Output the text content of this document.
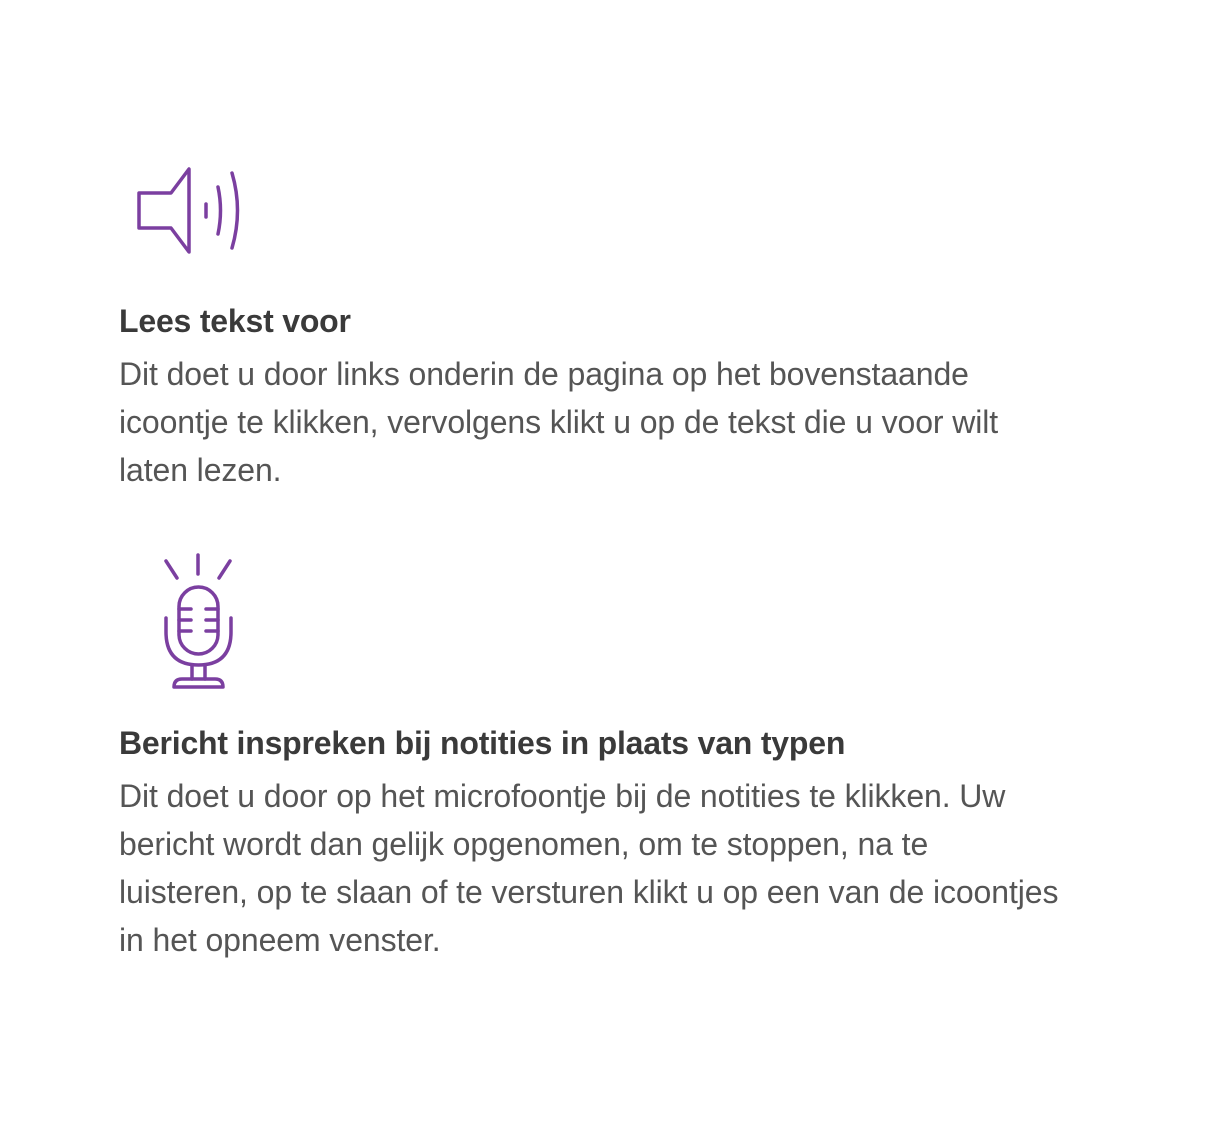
Lees tekst voor

Dit doet u door links onderin de pagina op het bovenstaande icoontje te klikken, vervolgens klikt u op de tekst die u voor wilt laten lezen.

Bericht inspreken bij notities in plaats van typen

Dit doet u door op het microfoontje bij de notities te klikken. Uw bericht wordt dan gelijk opgenomen, om te stoppen, na te luisteren, op te slaan of te versturen klikt u op een van de icoontjes in het opneem venster.
